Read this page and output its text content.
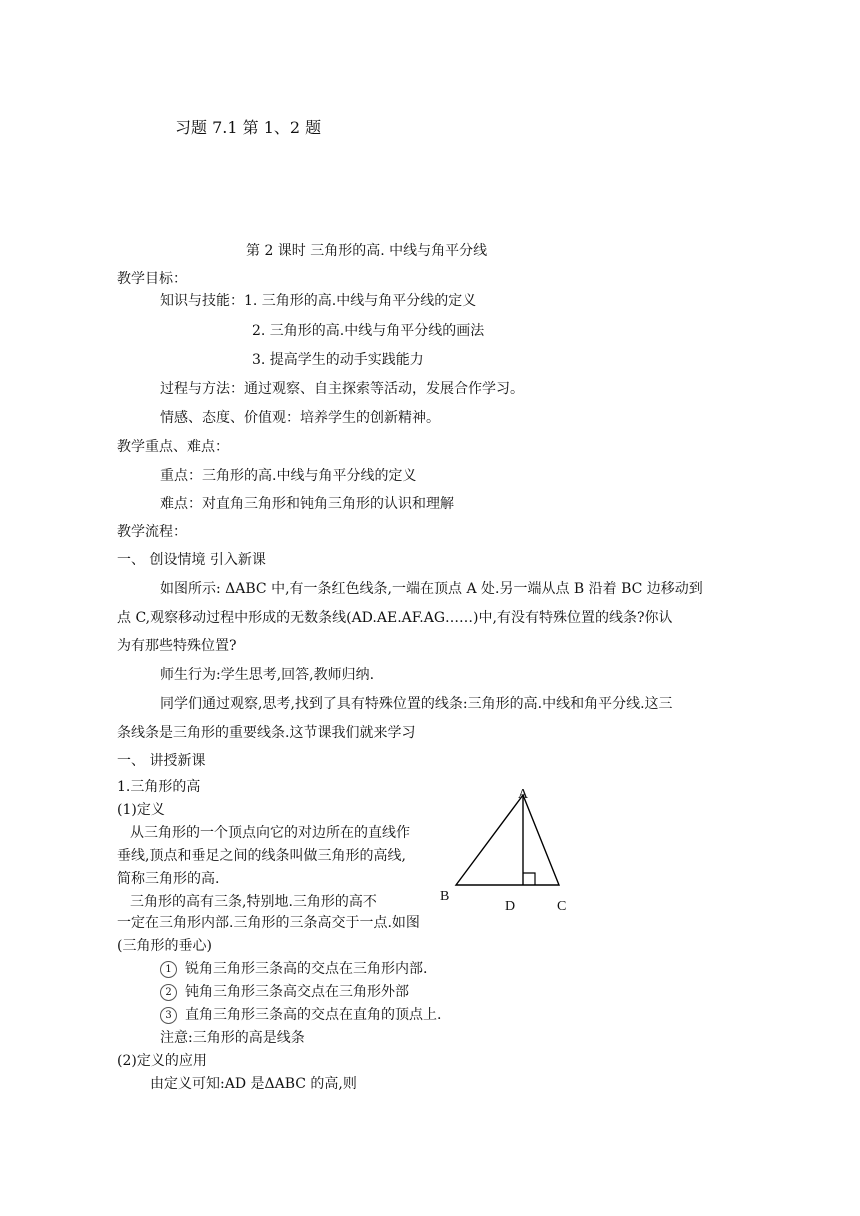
习题 7.1 第 1、2 题
第 2 课时 三角形的高. 中线与角平分线
教学目标：
知识与技能：1. 三角形的高.中线与角平分线的定义
2. 三角形的高.中线与角平分线的画法
3. 提高学生的动手实践能力
过程与方法：通过观察、自主探索等活动，发展合作学习。
情感、态度、价值观：培养学生的创新精神。
教学重点、难点：
重点：三角形的高.中线与角平分线的定义
难点：对直角三角形和钝角三角形的认识和理解
教学流程：
一、 创设情境 引入新课
如图所示: ΔABC 中,有一条红色线条,一端在顶点 A 处.另一端从点 B 沿着 BC 边移动到
点 C,观察移动过程中形成的无数条线(AD.AE.AF.AG……)中,有没有特殊位置的线条?你认
为有那些特殊位置?
师生行为:学生思考,回答,教师归纳.
同学们通过观察,思考,找到了具有特殊位置的线条:三角形的高.中线和角平分线.这三
条线条是三角形的重要线条.这节课我们就来学习
一、 讲授新课
1.三角形的高
(1)定义
从三角形的一个顶点向它的对边所在的直线作
垂线,顶点和垂足之间的线条叫做三角形的高线,
简称三角形的高.
三角形的高有三条,特别地.三角形的高不
一定在三角形内部.三角形的三条高交于一点.如图
(三角形的垂心)
1 锐角三角形三条高的交点在三角形内部.
2 钝角三角形三条高交点在三角形外部
3 直角三角形三条高的交点在直角的顶点上.
注意:三角形的高是线条
(2)定义的应用
由定义可知:AD 是ΔABC 的高,则
A
B
C
D
